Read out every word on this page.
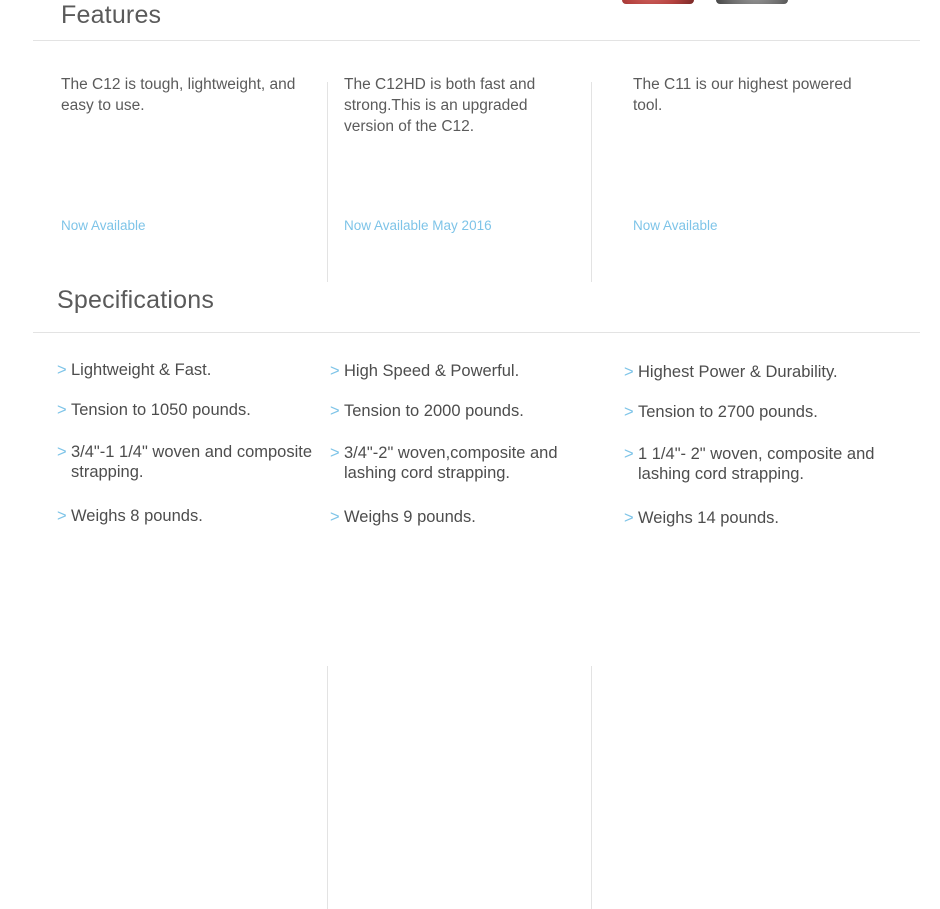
Features
The C12 is tough, lightweight, and easy to use.
Now Available
The C12HD is both fast and strong.This is an upgraded version of the C12.
Now Available May 2016
The C11 is our highest powered tool.
Now Available
Specifications
> Lightweight & Fast.
> Tension to 1050 pounds.
> 3/4"-1 1/4" woven and composite strapping.
> Weighs 8 pounds.
> High Speed & Powerful.
> Tension to 2000 pounds.
> 3/4"-2" woven,composite and lashing cord strapping.
> Weighs 9 pounds.
> Highest Power & Durability.
> Tension to 2700 pounds.
> 1 1/4"- 2" woven, composite and lashing cord strapping.
> Weighs 14 pounds.
